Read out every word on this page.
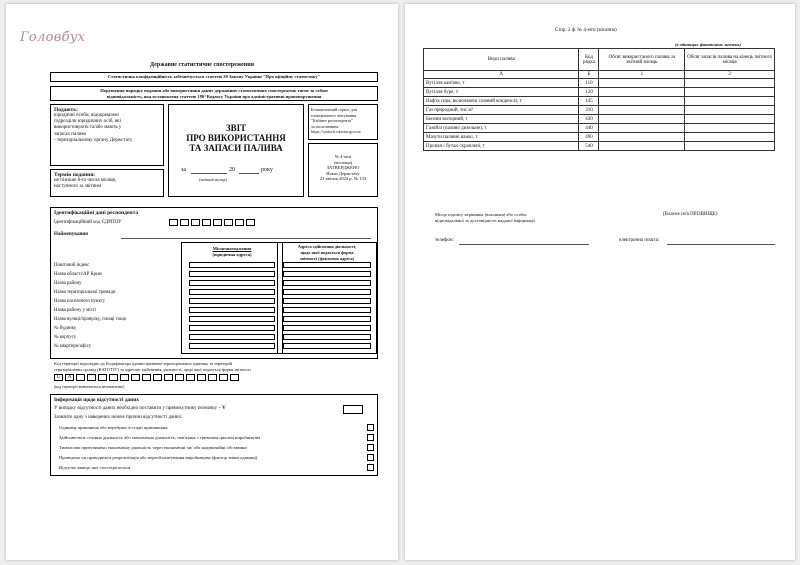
Головбух
Державне статистичне спостереження
Статистична конфіденційність забезпечується статтею 29 Закону України "Про офіційну статистику"
Порушення порядку подання або використання даних державних статистичних спостережень тягне за собою
відповідальність, яка встановлена статтею 186³ Кодексу України про адміністративні правопорушення
Подають:
юридичні особи, відокремлені
підрозділи юридичних осіб, які
використовують та/або мають у
запасах паливо
- територіальному органу Держстату
Термін подання:
не пізніше 8-го числа місяця,
наступного за звітним
ЗВІТ
ПРО ВИКОРИСТАННЯ
ТА ЗАПАСИ ПАЛИВА
за	20	року
(звітний місяць)
Безкоштовний сервіс для
електронного звітування
"Кабінет респондента"
за посиланням:
https://statzvit.ukrstat.gov.ua
№ 4-мтп
(місячна)
ЗАТВЕРДЖЕНО
Наказ Держстату
23 квітня 2024 р. № 133
Ідентифікаційні дані респондента
Ідентифікаційний код ЄДРПОУ
Найменування
Місцезнаходження
(юридична адреса)
Адреса здійснення діяльності,
щодо якої подається форма
звітності (фактична адреса)
Поштовий індекс
Назва області/АР Крим
Назва району
Назва територіальної громади
Назва населеного пункту
Назва району у місті
Назва вулиці/провулку, площі тощо
№ будинку
№ корпусу
№ квартири/офісу
Код території відповідно до Кодифікатора адміністративно-територіальних одиниць та територій
територіальних громад (КАТОТТГ) за адресою здійснення діяльності, щодо якої подається форма звітності
U	A
(код території визначається автоматично)
Інформація щодо відсутності даних
У випадку відсутності даних необхідно поставити у прямокутнику позначку – V
Зазначте одну з наведених нижче причин відсутності даних:
Одиниця припинена або перебуває в стадії припинення
Здійснюється сезонна діяльність або економічна діяльність, пов'язана з тривалим циклом виробництва
Тимчасово призупинено економічну діяльність через економічні чи/ або надзвичайні обставини
Проведено чи проводяться реорганізація або переоблаштування виробництва (фактор зміни одиниці)
Відсутнє явище, яке спостерігається
Стор. 2 ф. № 4-мтп (місячна)
(в одиницях фактичних значень)
Види палива	Код рядка	Обсяг використаного палива за звітний місяць	Обсяг запасів палива на кінець звітного місяця
А	Б	1	2
Вугілля кам'яне, т	110		
Вугілля буре, т	120		
Нафта сира, включаючи газовий конденсат, т	145		
Газ природний, тис.м³	310		
Бензин моторний, т	430		
Газойлі (паливо дизельне), т	440		
Мазути паливні важкі, т	490		
Пропан і бутан скраплені, т	540		
Місце підпису керівника (власника) або особи,
відповідальної за достовірність наданої інформації
(Власне ім'я ПРІЗВИЩЕ)
телефон:	електронна пошта:
